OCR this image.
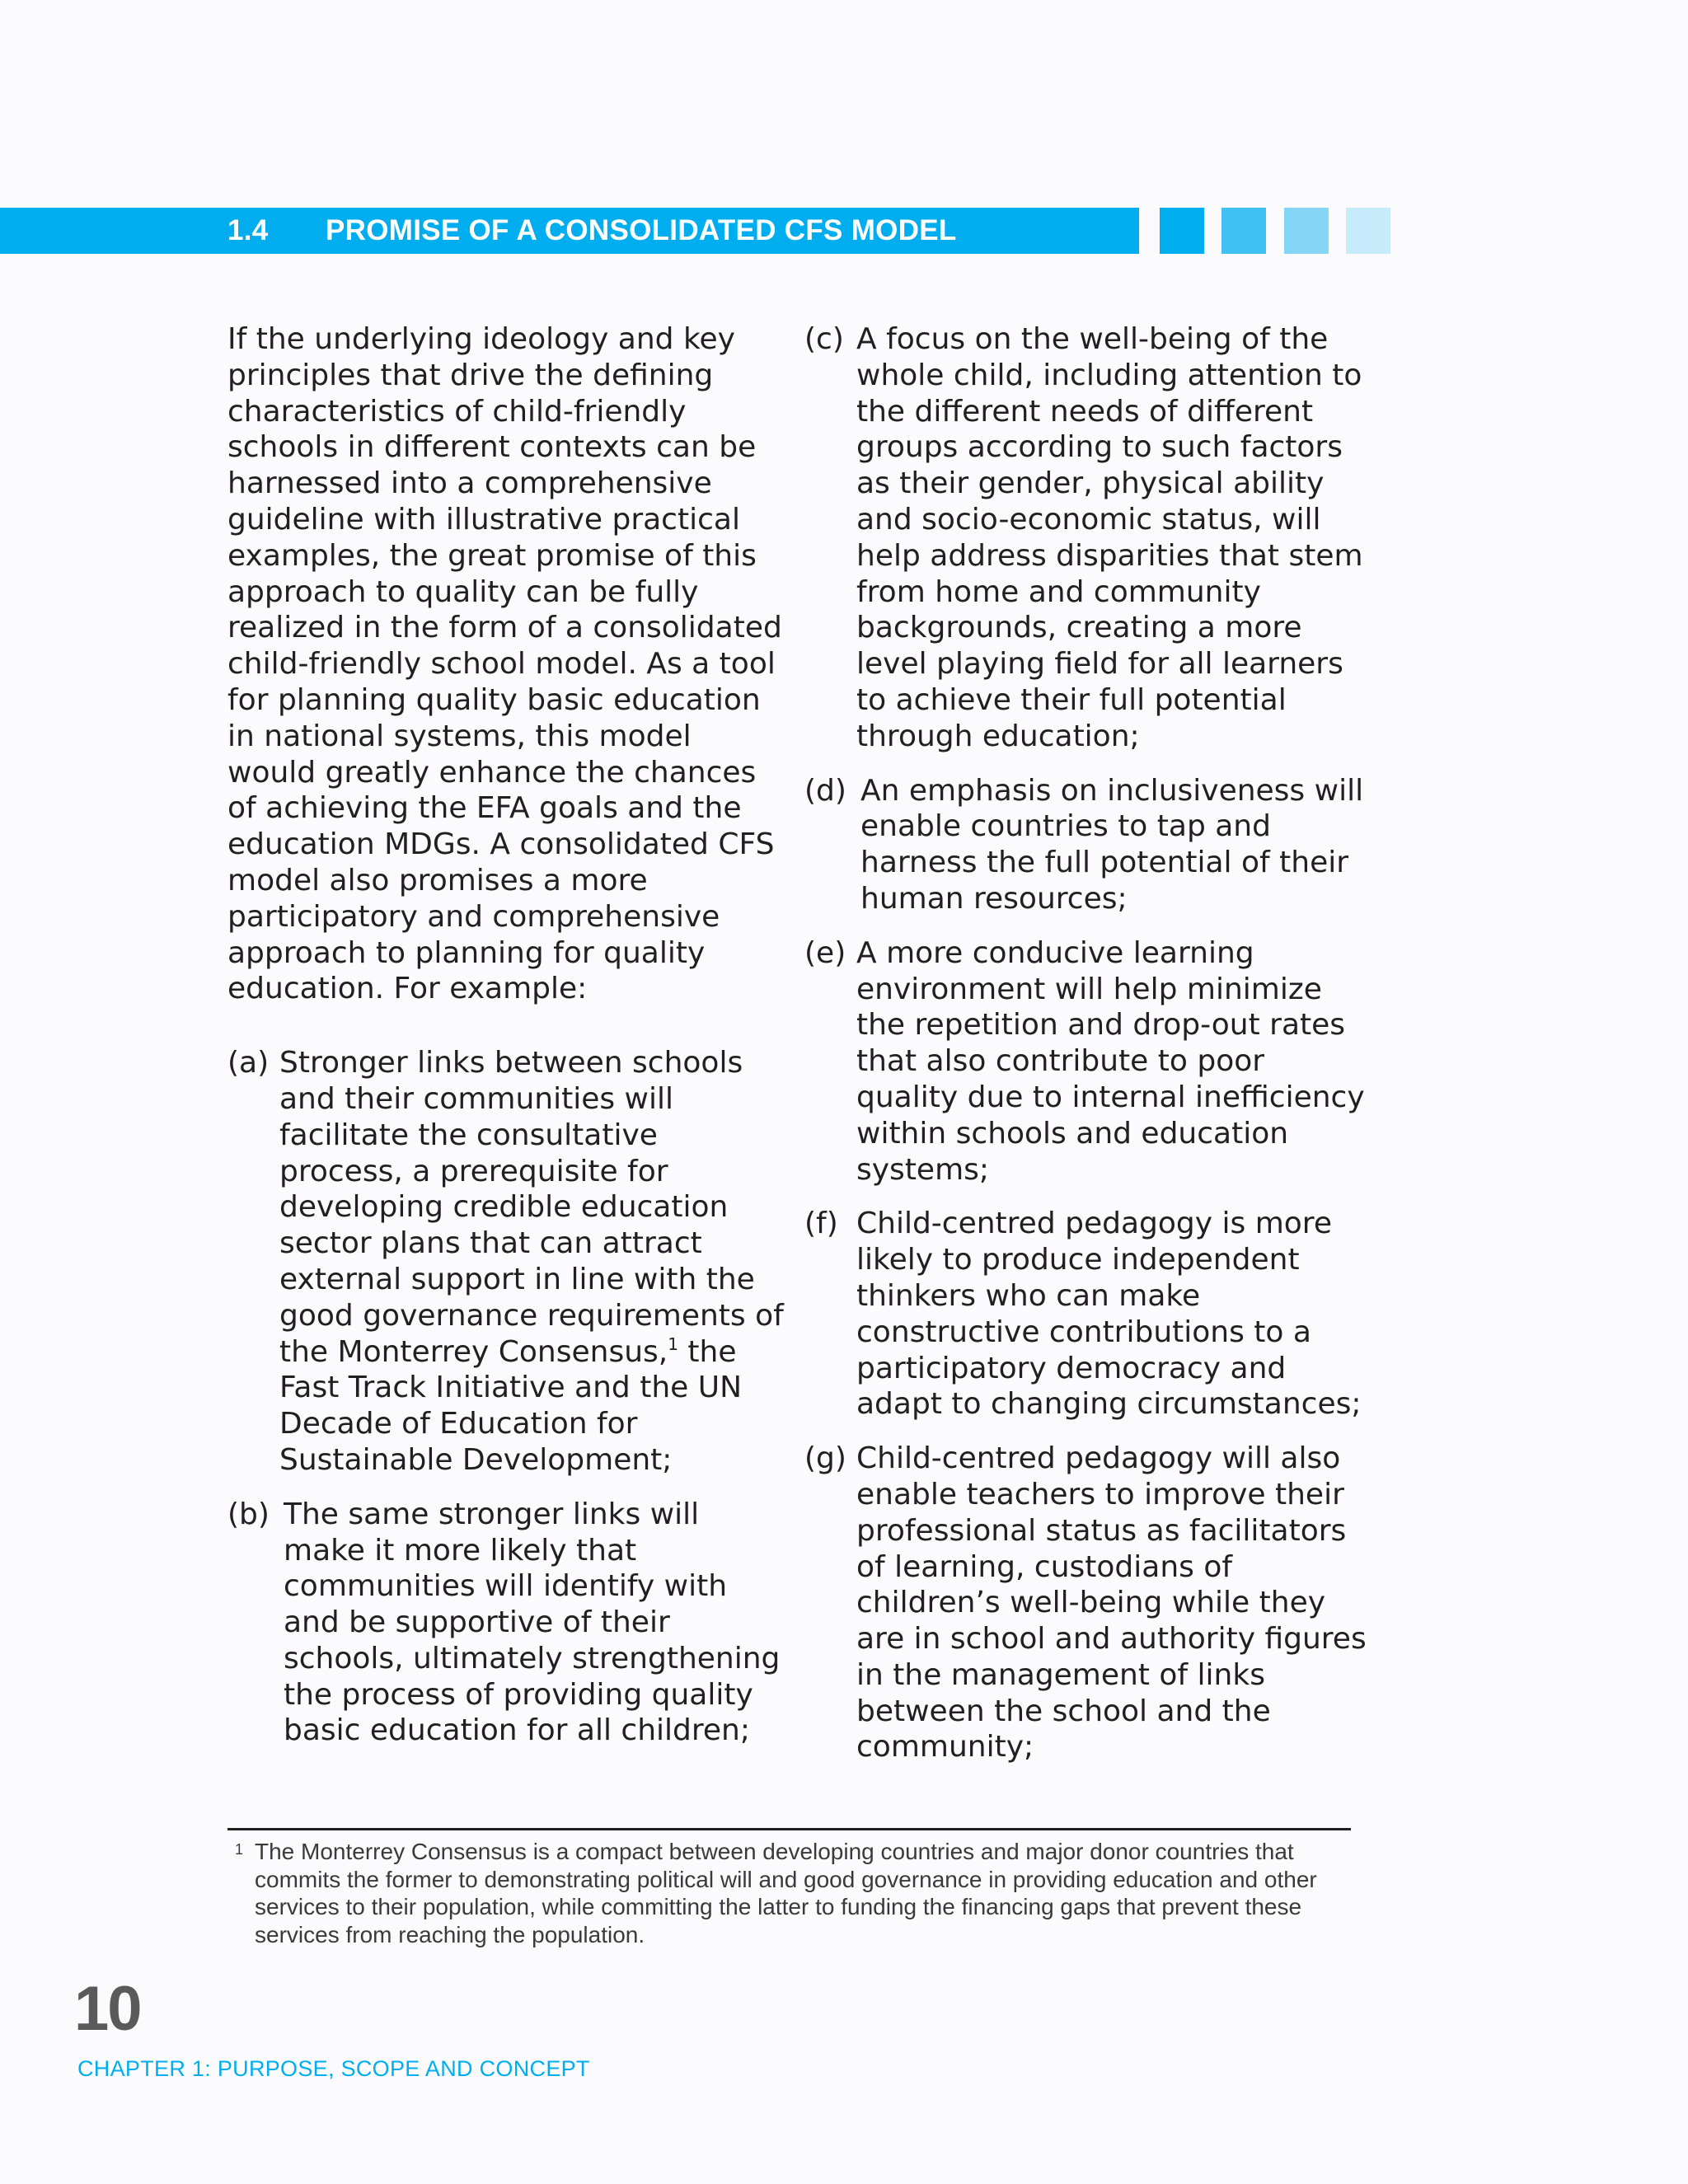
1.4 PROMISE OF A CONSOLIDATED CFS MODEL

If the underlying ideology and key principles that drive the defining characteristics of child-friendly schools in different contexts can be harnessed into a comprehensive guideline with illustrative practical examples, the great promise of this approach to quality can be fully realized in the form of a consolidated child-friendly school model. As a tool for planning quality basic education in national systems, this model would greatly enhance the chances of achieving the EFA goals and the education MDGs. A consolidated CFS model also promises a more participatory and comprehensive approach to planning for quality education. For example:

(a) Stronger links between schools and their communities will facilitate the consultative process, a prerequisite for developing credible education sector plans that can attract external support in line with the good governance requirements of the Monterrey Consensus,$^1$ the Fast Track Initiative and the UN Decade of Education for Sustainable Development;
(b) The same stronger links will make it more likely that communities will identify with and be supportive of their schools, ultimately strengthening the process of providing quality basic education for all children;
(c) A focus on the well-being of the whole child, including attention to the different needs of different groups according to such factors as their gender, physical ability and socio-economic status, will help address disparities that stem from home and community backgrounds, creating a more level playing field for all learners to achieve their full potential through education;
(d) An emphasis on inclusiveness will enable countries to tap and harness the full potential of their human resources;
(e) A more conducive learning environment will help minimize the repetition and drop-out rates that also contribute to poor quality due to internal inefficiency within schools and education systems;
(f) Child-centred pedagogy is more likely to produce independent thinkers who can make constructive contributions to a participatory democracy and adapt to changing circumstances;
(g) Child-centred pedagogy will also enable teachers to improve their professional status as facilitators of learning, custodians of children’s well-being while they are in school and authority figures in the management of links between the school and the community;
1 The Monterrey Consensus is a compact between developing countries and major donor countries that commits the former to demonstrating political will and good governance in providing education and other services to their population, while committing the latter to funding the financing gaps that prevent these services from reaching the population.
10
CHAPTER 1: PURPOSE, SCOPE AND CONCEPT
